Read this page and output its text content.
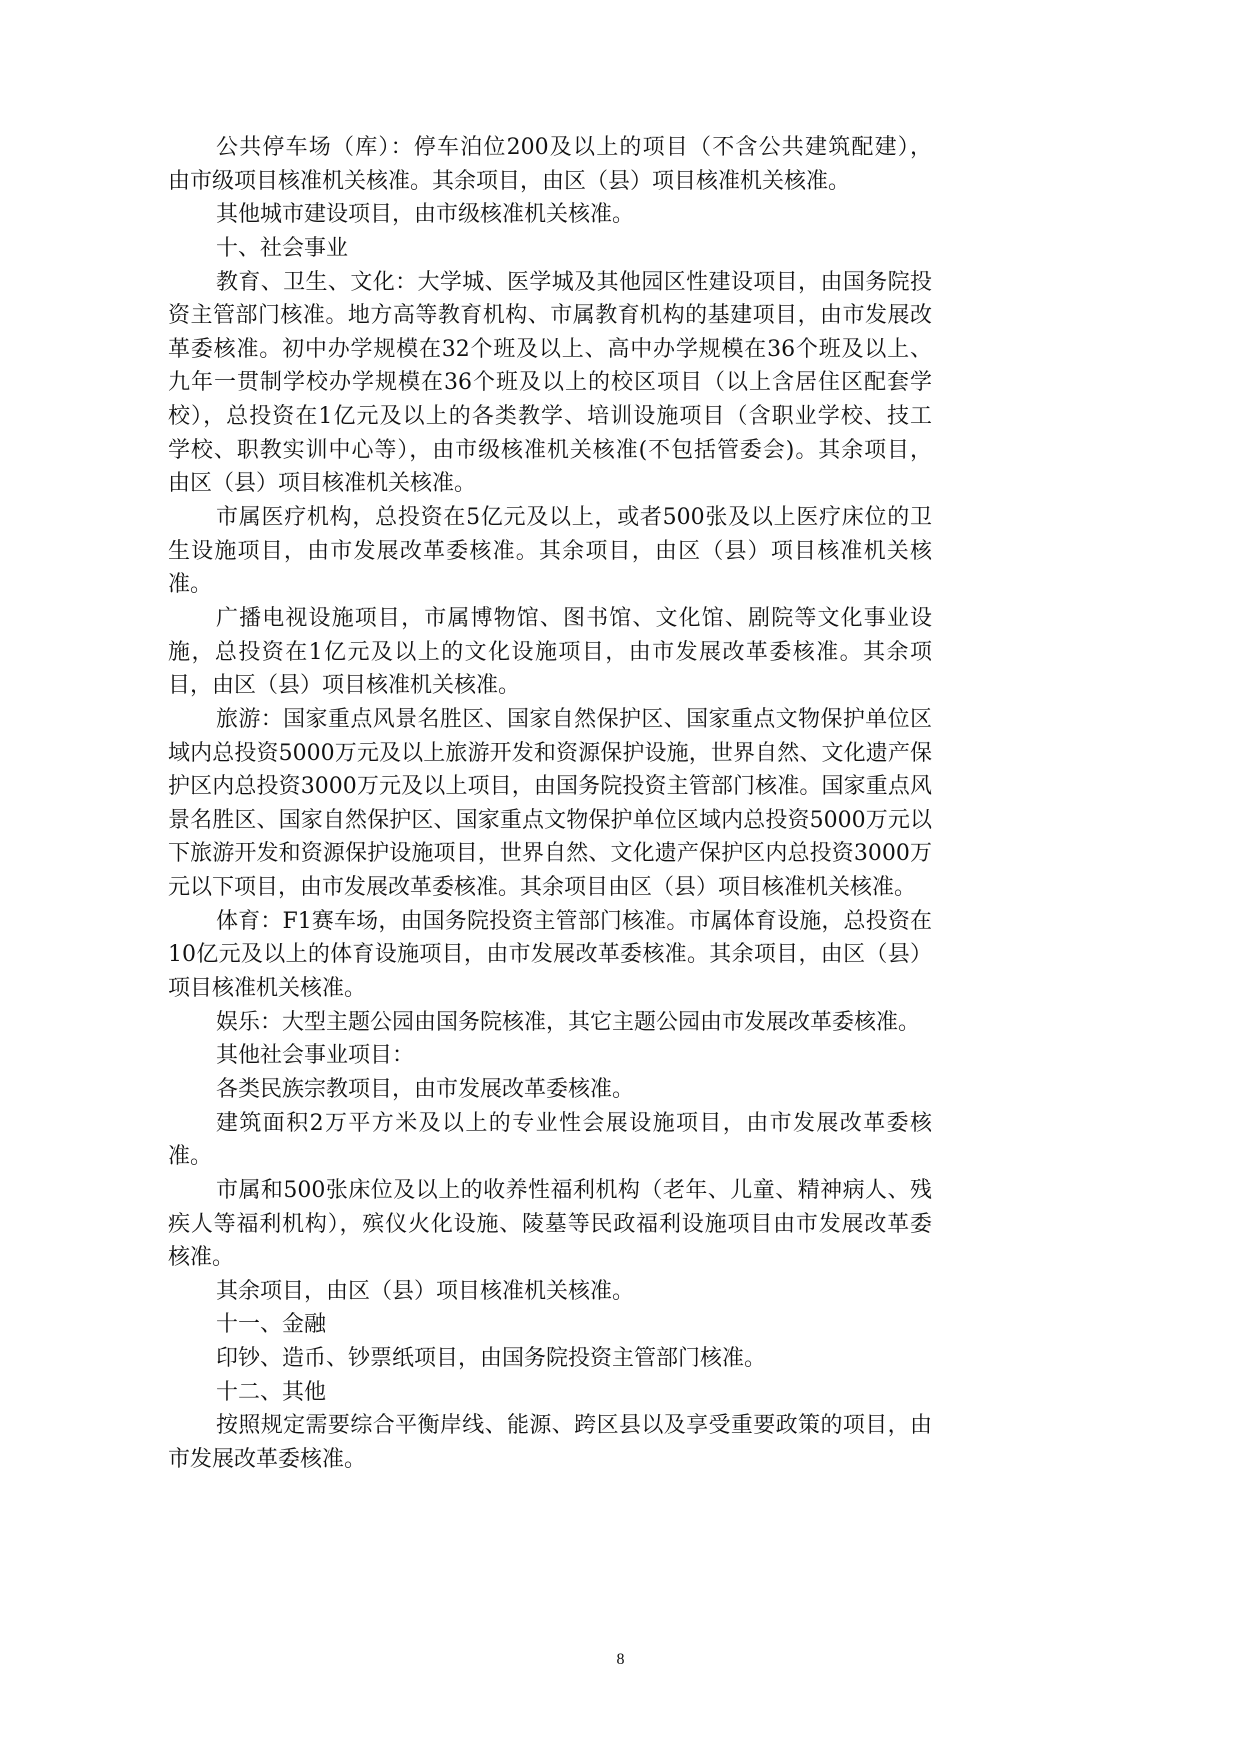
公共停车场（库）：停车泊位200及以上的项目（不含公共建筑配建），
由市级项目核准机关核准。其余项目，由区（县）项目核准机关核准。
其他城市建设项目，由市级核准机关核准。
十、社会事业
教育、卫生、文化：大学城、医学城及其他园区性建设项目，由国务院投
资主管部门核准。地方高等教育机构、市属教育机构的基建项目，由市发展改
革委核准。初中办学规模在32个班及以上、高中办学规模在36个班及以上、
九年一贯制学校办学规模在36个班及以上的校区项目（以上含居住区配套学
校），总投资在1亿元及以上的各类教学、培训设施项目（含职业学校、技工
学校、职教实训中心等），由市级核准机关核准(不包括管委会)。其余项目，
由区（县）项目核准机关核准。
市属医疗机构，总投资在5亿元及以上，或者500张及以上医疗床位的卫
生设施项目，由市发展改革委核准。其余项目，由区（县）项目核准机关核
准。
广播电视设施项目，市属博物馆、图书馆、文化馆、剧院等文化事业设
施，总投资在1亿元及以上的文化设施项目，由市发展改革委核准。其余项
目，由区（县）项目核准机关核准。
旅游：国家重点风景名胜区、国家自然保护区、国家重点文物保护单位区
域内总投资5000万元及以上旅游开发和资源保护设施，世界自然、文化遗产保
护区内总投资3000万元及以上项目，由国务院投资主管部门核准。国家重点风
景名胜区、国家自然保护区、国家重点文物保护单位区域内总投资5000万元以
下旅游开发和资源保护设施项目，世界自然、文化遗产保护区内总投资3000万
元以下项目，由市发展改革委核准。其余项目由区（县）项目核准机关核准。
体育：F1赛车场，由国务院投资主管部门核准。市属体育设施，总投资在
10亿元及以上的体育设施项目，由市发展改革委核准。其余项目，由区（县）
项目核准机关核准。
娱乐：大型主题公园由国务院核准，其它主题公园由市发展改革委核准。
其他社会事业项目：
各类民族宗教项目，由市发展改革委核准。
建筑面积2万平方米及以上的专业性会展设施项目，由市发展改革委核
准。
市属和500张床位及以上的收养性福利机构（老年、儿童、精神病人、残
疾人等福利机构），殡仪火化设施、陵墓等民政福利设施项目由市发展改革委
核准。
其余项目，由区（县）项目核准机关核准。
十一、金融
印钞、造币、钞票纸项目，由国务院投资主管部门核准。
十二、其他
按照规定需要综合平衡岸线、能源、跨区县以及享受重要政策的项目，由
市发展改革委核准。
8
